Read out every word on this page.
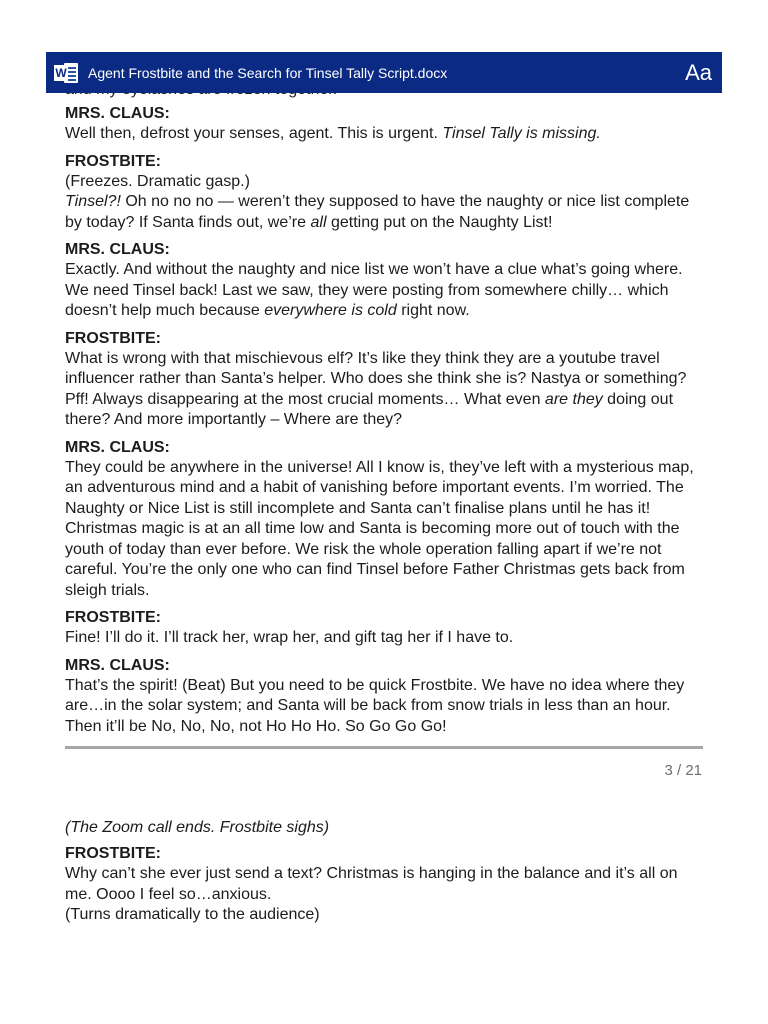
W Agent Frostbite and the Search for Tinsel Tally Script.docx	Aa
MRS. CLAUS:
Well then, defrost your senses, agent. This is urgent. Tinsel Tally is missing.
FROSTBITE:
(Freezes. Dramatic gasp.)
Tinsel?! Oh no no no — weren’t they supposed to have the naughty or nice list complete
by today? If Santa finds out, we’re all getting put on the Naughty List!
MRS. CLAUS:
Exactly. And without the naughty and nice list we won’t have a clue what’s going where.
We need Tinsel back! Last we saw, they were posting from somewhere chilly… which
doesn’t help much because everywhere is cold right now.
FROSTBITE:
What is wrong with that mischievous elf? It’s like they think they are a youtube travel
influencer rather than Santa’s helper. Who does she think she is? Nastya or something?
Pff! Always disappearing at the most crucial moments… What even are they doing out
there? And more importantly – Where are they?
MRS. CLAUS:
They could be anywhere in the universe! All I know is, they’ve left with a mysterious map,
an adventurous mind and a habit of vanishing before important events. I’m worried. The
Naughty or Nice List is still incomplete and Santa can’t finalise plans until he has it!
Christmas magic is at an all time low and Santa is becoming more out of touch with the
youth of today than ever before. We risk the whole operation falling apart if we’re not
careful. You’re the only one who can find Tinsel before Father Christmas gets back from
sleigh trials.
FROSTBITE:
Fine! I’ll do it. I’ll track her, wrap her, and gift tag her if I have to.
MRS. CLAUS:
That’s the spirit! (Beat) But you need to be quick Frostbite. We have no idea where they
are…in the solar system; and Santa will be back from snow trials in less than an hour.
Then it’ll be No, No, No, not Ho Ho Ho. So Go Go Go!
3 / 21
(The Zoom call ends. Frostbite sighs)
FROSTBITE:
Why can’t she ever just send a text? Christmas is hanging in the balance and it’s all on
me. Oooo I feel so…anxious.
(Turns dramatically to the audience)
